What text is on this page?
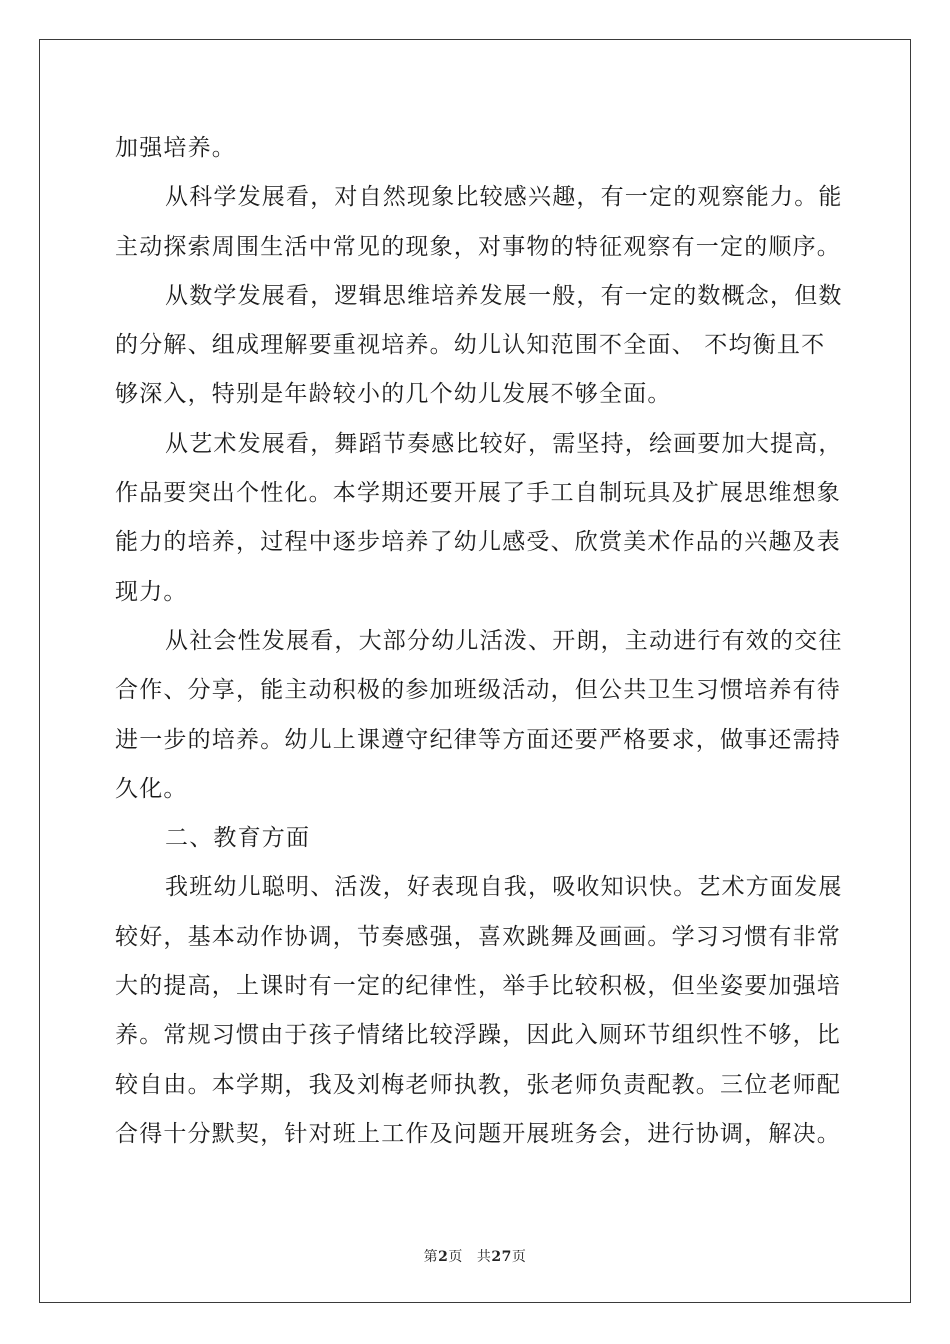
加强培养。
从科学发展看，对自然现象比较感兴趣，有一定的观察能力。能
主动探索周围生活中常见的现象，对事物的特征观察有一定的顺序。
从数学发展看，逻辑思维培养发展一般，有一定的数概念，但数
的分解、组成理解要重视培养。幼儿认知范围不全面、 不均衡且不
够深入，特别是年龄较小的几个幼儿发展不够全面。
从艺术发展看，舞蹈节奏感比较好，需坚持，绘画要加大提高，
作品要突出个性化。本学期还要开展了手工自制玩具及扩展思维想象
能力的培养，过程中逐步培养了幼儿感受、欣赏美术作品的兴趣及表
现力。
从社会性发展看，大部分幼儿活泼、开朗，主动进行有效的交往
合作、分享，能主动积极的参加班级活动，但公共卫生习惯培养有待
进一步的培养。幼儿上课遵守纪律等方面还要严格要求，做事还需持
久化。
二、教育方面
我班幼儿聪明、活泼，好表现自我，吸收知识快。艺术方面发展
较好，基本动作协调，节奏感强，喜欢跳舞及画画。学习习惯有非常
大的提高，上课时有一定的纪律性，举手比较积极，但坐姿要加强培
养。常规习惯由于孩子情绪比较浮躁，因此入厕环节组织性不够，比
较自由。本学期，我及刘梅老师执教，张老师负责配教。三位老师配
合得十分默契，针对班上工作及问题开展班务会，进行协调，解决。
第2页 共27页
